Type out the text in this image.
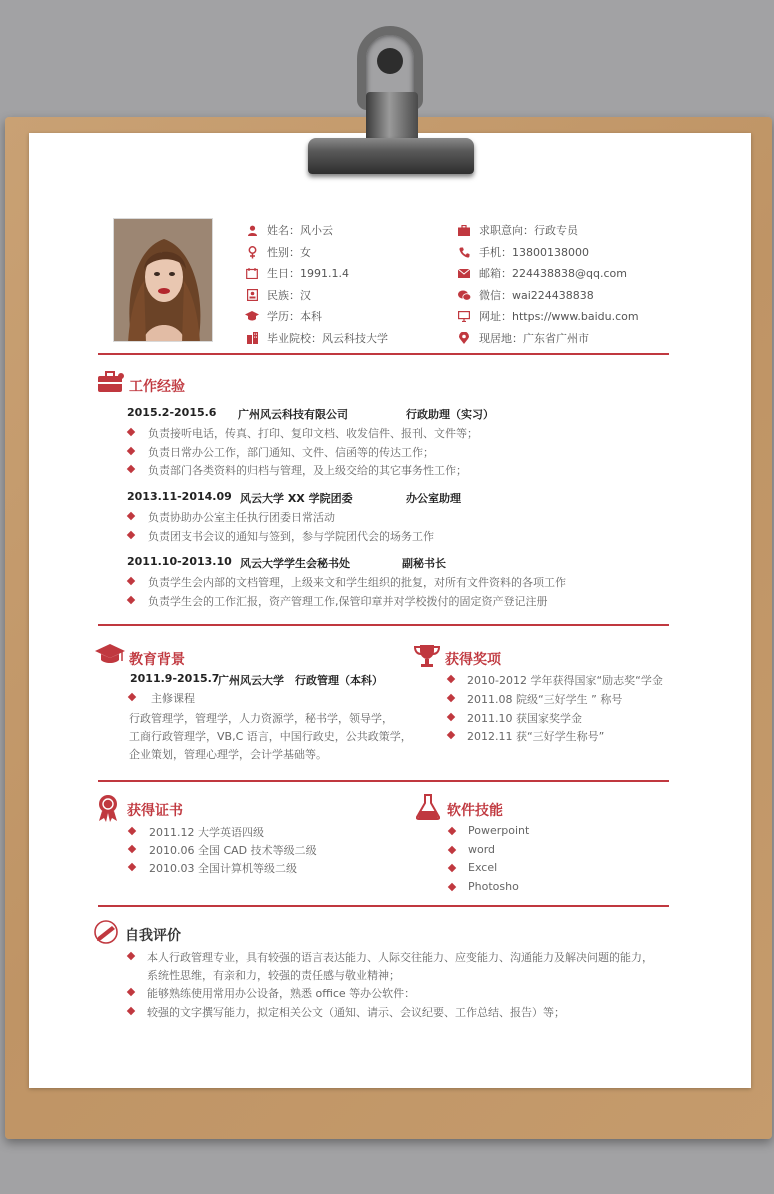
姓名：风小云
性别：女
生日：1991.1.4
民族：汉
学历：本科
毕业院校：风云科技大学
求职意向：行政专员
手机：13800138000
邮箱：224438838@qq.com
微信：wai224438838
网址：https://www.baidu.com
现居地：广东省广州市
工作经验
2015.2-2015.6 广州风云科技有限公司	行政助理（实习）
负责接听电话，传真、打印、复印文档、收发信件、报刊、文件等；
负责日常办公工作，部门通知、文件、信函等的传达工作；
负责部门各类资料的归档与管理，及上级交给的其它事务性工作；
2013.11-2014.09 风云大学 XX 学院团委	办公室助理
负责协助办公室主任执行团委日常活动
负责团支书会议的通知与签到，参与学院团代会的场务工作
2011.10-2013.10 风云大学学生会秘书处	副秘书长
负责学生会内部的文档管理，上级来文和学生组织的批复，对所有文件资料的各项工作
负责学生会的工作汇报，资产管理工作,保管印章并对学校拨付的固定资产登记注册
教育背景
2011.9-2015.7
广州风云大学 行政管理（本科）
主修课程
行政管理学，管理学，人力资源学，秘书学，领导学，
工商行政管理学，VB,C 语言，中国行政史，公共政策学，
企业策划，管理心理学，会计学基础等。
获得奖项
2010-2012 学年获得国家“励志奖“学金
2011.08 院级“三好学生 ” 称号
2011.10 获国家奖学金
2012.11 获“三好学生称号”
获得证书
2011.12 大学英语四级
2010.06 全国 CAD 技术等级二级
2010.03 全国计算机等级二级
软件技能
Powerpoint
word
Excel
Photosho
自我评价
本人行政管理专业，具有较强的语言表达能力、人际交往能力、应变能力、沟通能力及解决问题的能力，
系统性思维，有亲和力，较强的责任感与敬业精神；
能够熟练使用常用办公设备，熟悉 office 等办公软件：
较强的文字撰写能力，拟定相关公文（通知、请示、会议纪要、工作总结、报告）等；
